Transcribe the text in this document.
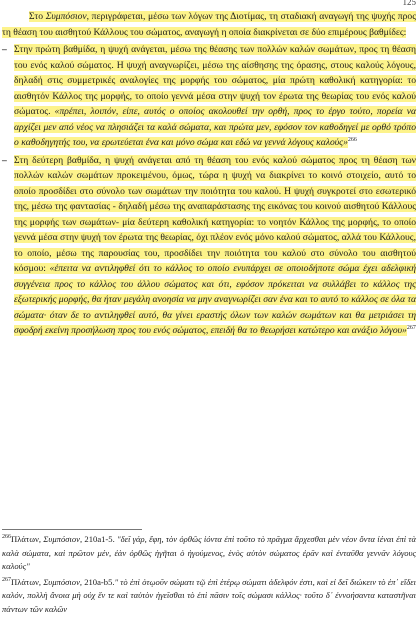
125

Στο Συμπόσιον, περιγράφεται, μέσω των λόγων της Διοτίμας, τη σταδιακή αναγωγή της ψυχής προς τη θέαση του αισθητού Κάλλους του σώματος, αναγωγή η οποία διακρίνεται σε δύο επιμέρους βαθμίδες:

– Στην πρώτη βαθμίδα, η ψυχή ανάγεται, μέσω της θέασης των πολλών καλών σωμάτων, προς τη θέαση του ενός καλού σώματος. Η ψυχή αναγνωρίζει, μέσω της αίσθησης της όρασης, στους καλούς λόγους, δηλαδή στις συμμετρικές αναλογίες της μορφής του σώματος, μία πρώτη καθολική κατηγορία: το αισθητόν Κάλλος της μορφής, το οποίο γεννά μέσα στην ψυχή τον έρωτα της θεωρίας του ενός καλού σώματος. «πρέπει, λοιπόν, είπε, αυτός ο οποίος ακολουθεί την ορθή, προς το έργο τούτο, πορεία να αρχίζει μεν από νέος να πλησιάζει τα καλά σώματα, και πρώτα μεν, εφόσον τον καθοδηγεί με ορθό τρόπο ο καθοδηγητής του, να ερωτεύεται ένα και μόνο σώμα και εδώ να γεννά λόγους καλούς»$^{266}$
– Στη δεύτερη βαθμίδα, η ψυχή ανάγεται από τη θέαση του ενός καλού σώματος προς τη θέαση των πολλών καλών σωμάτων προκειμένου, όμως, τώρα η ψυχή να διακρίνει το κοινό στοιχείο, αυτό το οποίο προσδίδει στο σύνολο των σωμάτων την ποιότητα του καλού. Η ψυχή συγκροτεί στο εσωτερικό της, μέσω της φαντασίας - δηλαδή μέσω της αναπαράστασης της εικόνας του κοινού αισθητού Κάλλους της μορφής των σωμάτων- μία δεύτερη καθολική κατηγορία: το νοητόν Κάλλος της μορφής, το οποίο γεννά μέσα στην ψυχή τον έρωτα της θεωρίας, όχι πλέον ενός μόνο καλού σώματος, αλλά του Κάλλους, το οποίο, μέσω της παρουσίας του, προσδίδει την ποιότητα του καλού στο σύνολο του αισθητού κόσμου: «έπειτα να αντιληφθεί ότι το κάλλος το οποίο ενυπάρχει σε οποιοδήποτε σώμα έχει αδελφική συγγένεια προς το κάλλος του άλλου σώματος και ότι, εφόσον πρόκειται να συλλάβει το κάλλος της εξωτερικής μορφής, θα ήταν μεγάλη ανοησία να μην αναγνωρίζει σαν ένα και το αυτό το κάλλος σε όλα τα σώματα· όταν δε το αντιληφθεί αυτό, θα γίνει εραστής όλων των καλών σωμάτων και θα μετριάσει τη σφοδρή εκείνη προσήλωση προς του ενός σώματος, επειδή θα το θεωρήσει κατώτερο και ανάξιο λόγου»$^{267}$

$^{266}$Πλάτων, Συμπόσιον, 210a1-5. "δεῖ γάρ, ἔφη, τὸν ὀρθῶς ἰόντα ἐπὶ τοῦτο τὸ πρᾶγμα ἄρχεσθαι μὲν νέον ὄντα ἰέναι ἐπὶ τὰ καλὰ σώματα, καὶ πρῶτον μέν, ἐὰν ὀρθῶς ἡγῆται ὁ ἡγούμενος, ἑνὸς αὐτὸν σώματος ἐρᾶν καὶ ἐνταῦθα γεννᾶν λόγους καλούς"

$^{267}$Πλάτων, Συμπόσιον, 210a-b5." τὸ ἐπὶ ὁτῳοῦν σώματι τῷ ἐπὶ ἑτέρῳ σώματι ἀδελφόν ἐστι, καὶ εἰ δεῖ διώκειν τὸ ἐπ᾽ εἴδει καλόν, πολλὴ ἄνοια μὴ οὐχ ἕν τε καὶ ταὐτὸν ἡγεῖσθαι τὸ ἐπὶ πᾶσιν τοῖς σώμασι κάλλος· τοῦτο δ᾽ ἐννοήσαντα καταστῆναι πάντων τῶν καλῶν
